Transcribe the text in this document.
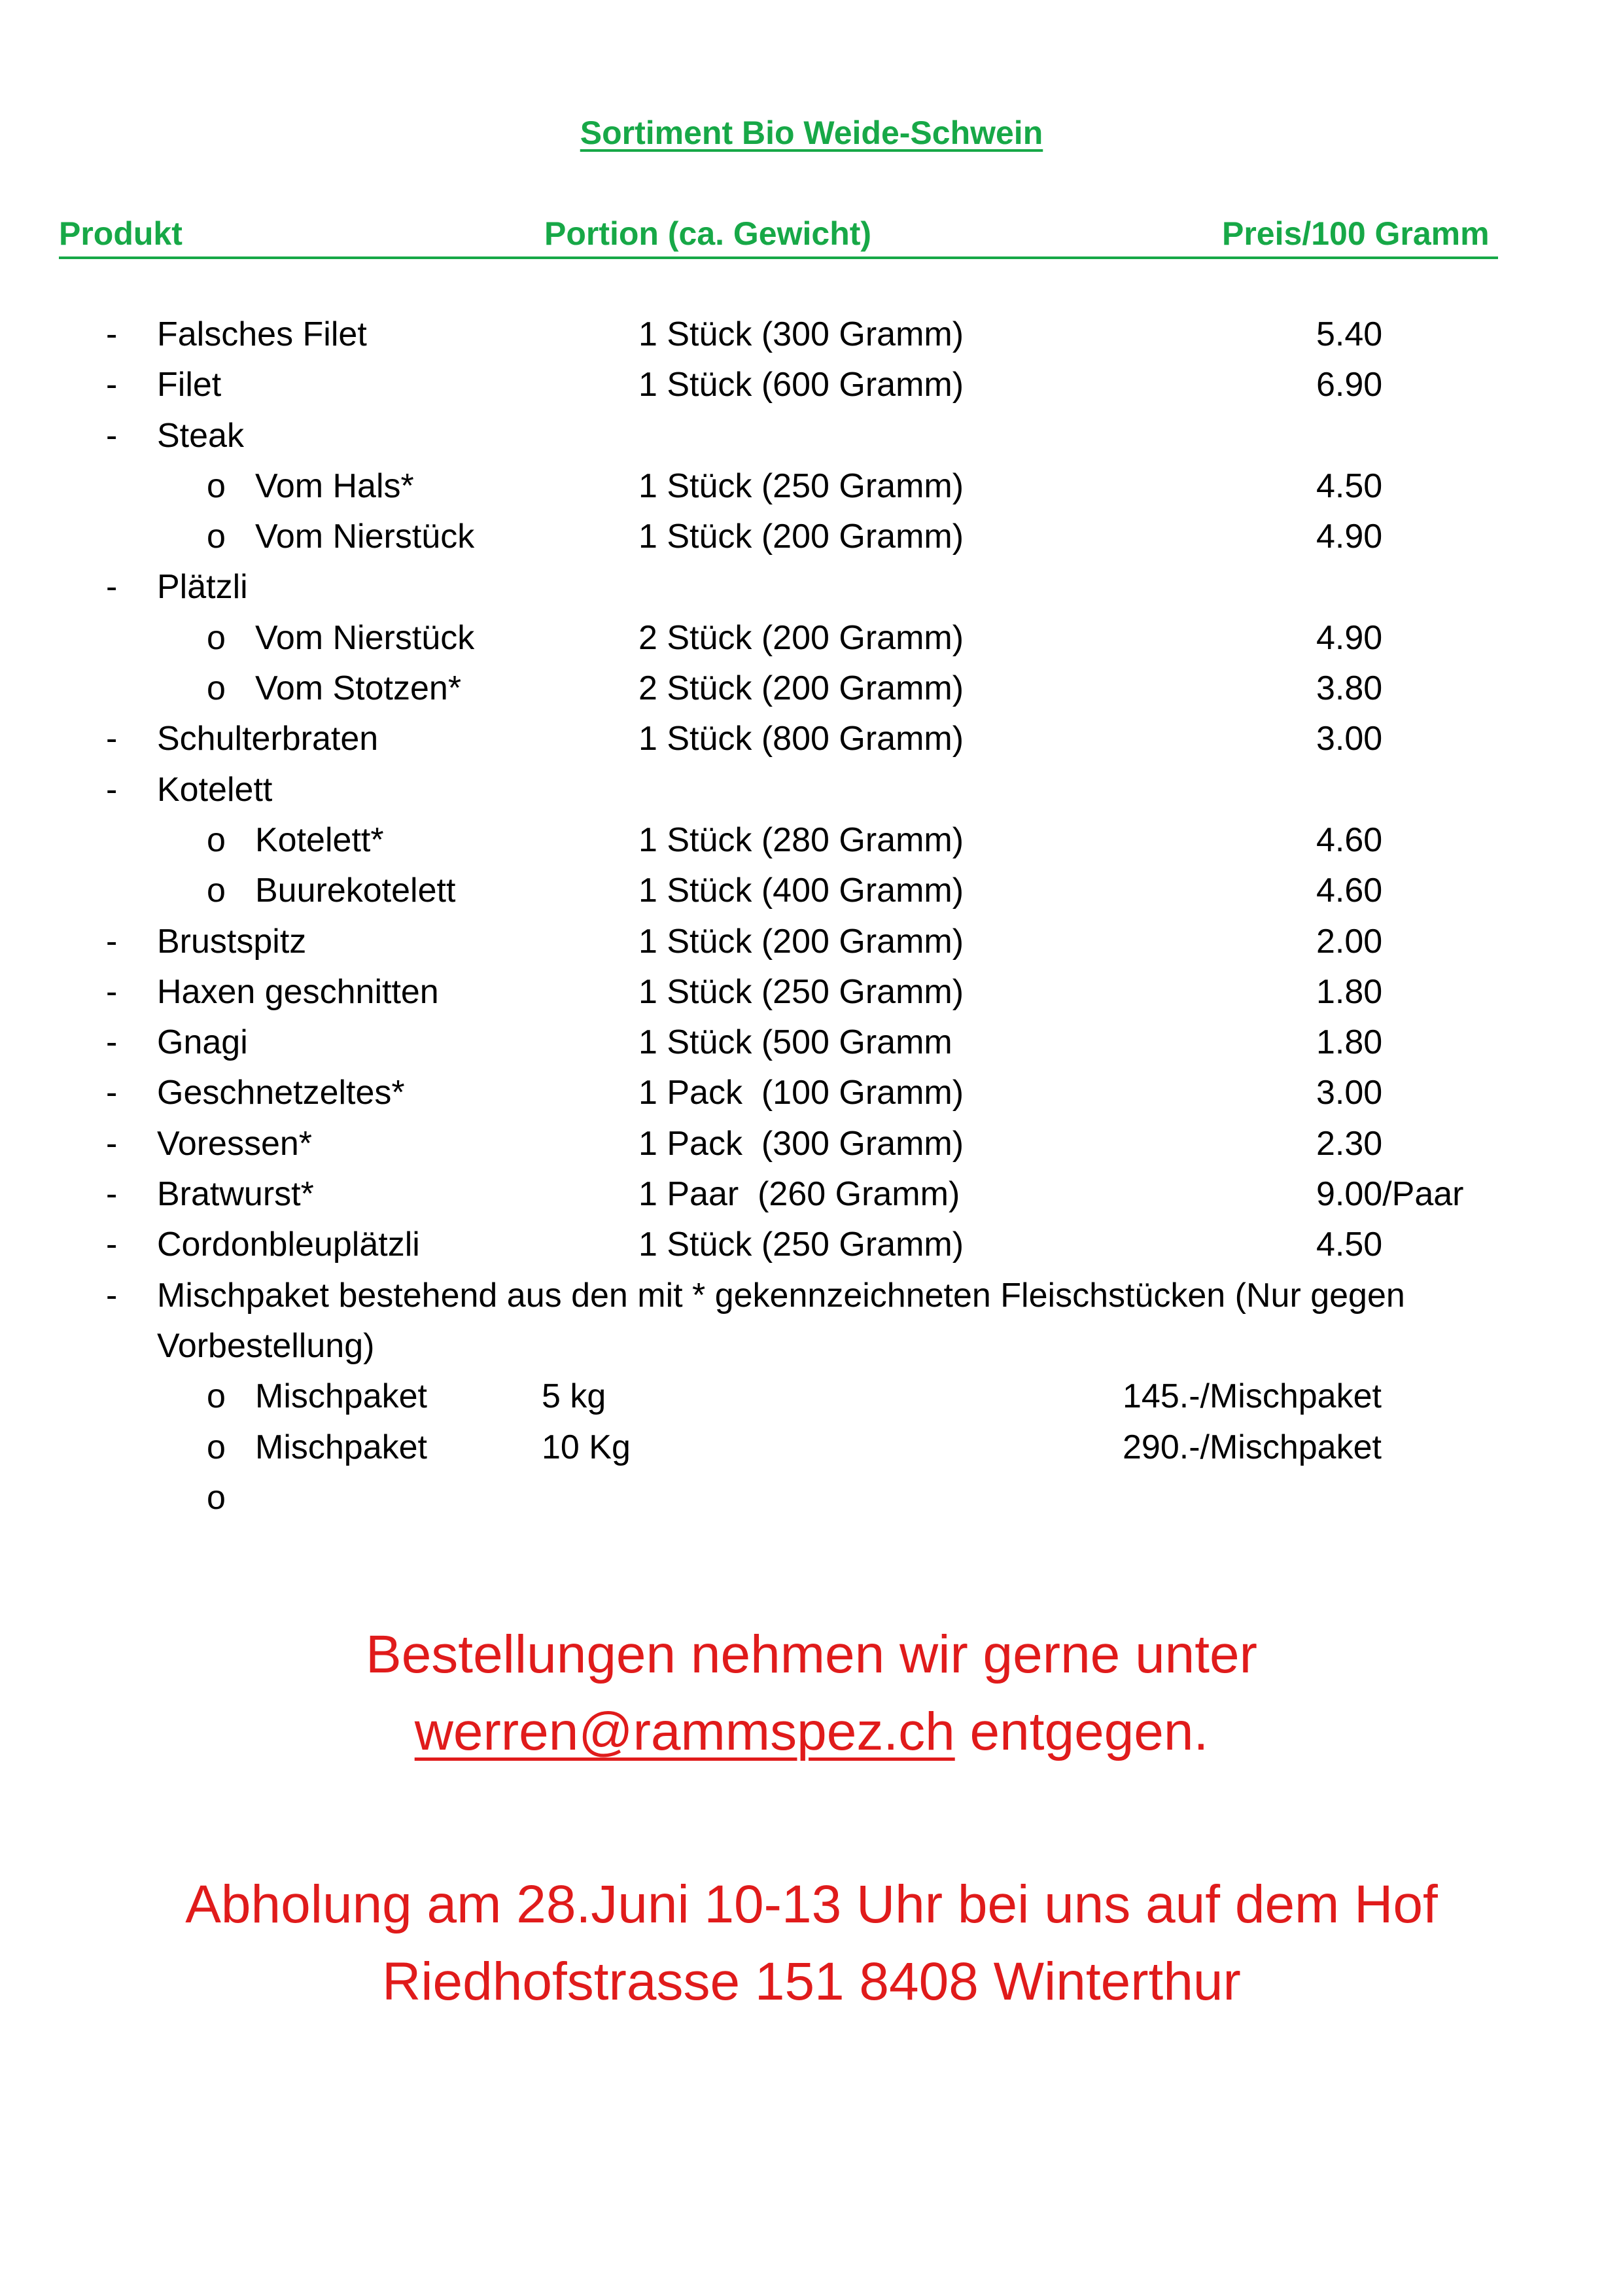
Sortiment Bio Weide-Schwein
Produkt	Portion (ca. Gewicht)	Preis/100 Gramm
- Falsches Filet	1 Stück (300 Gramm)	5.40
- Filet	1 Stück (600 Gramm)	6.90
- Steak
o Vom Hals*	1 Stück (250 Gramm)	4.50
o Vom Nierstück	1 Stück (200 Gramm)	4.90
- Plätzli
o Vom Nierstück	2 Stück (200 Gramm)	4.90
o Vom Stotzen*	2 Stück (200 Gramm)	3.80
- Schulterbraten	1 Stück (800 Gramm)	3.00
- Kotelett
o Kotelett*	1 Stück (280 Gramm)	4.60
o Buurekotelett	1 Stück (400 Gramm)	4.60
- Brustspitz	1 Stück (200 Gramm)	2.00
- Haxen geschnitten	1 Stück (250 Gramm)	1.80
- Gnagi	1 Stück (500 Gramm	1.80
- Geschnetzeltes*	1 Pack  (100 Gramm)	3.00
- Voressen*	1 Pack  (300 Gramm)	2.30
- Bratwurst*	1 Paar  (260 Gramm)	9.00/Paar
- Cordonbleuplätzli	1 Stück (250 Gramm)	4.50
- Mischpaket bestehend aus den mit * gekennzeichneten Fleischstücken (Nur gegen Vorbestellung)
o Mischpaket	5 kg	145.-/Mischpaket
o Mischpaket	10 Kg	290.-/Mischpaket
o
Bestellungen nehmen wir gerne unter
werren@rammspez.ch entgegen.
Abholung am 28.Juni 10-13 Uhr bei uns auf dem Hof
Riedhofstrasse 151 8408 Winterthur
